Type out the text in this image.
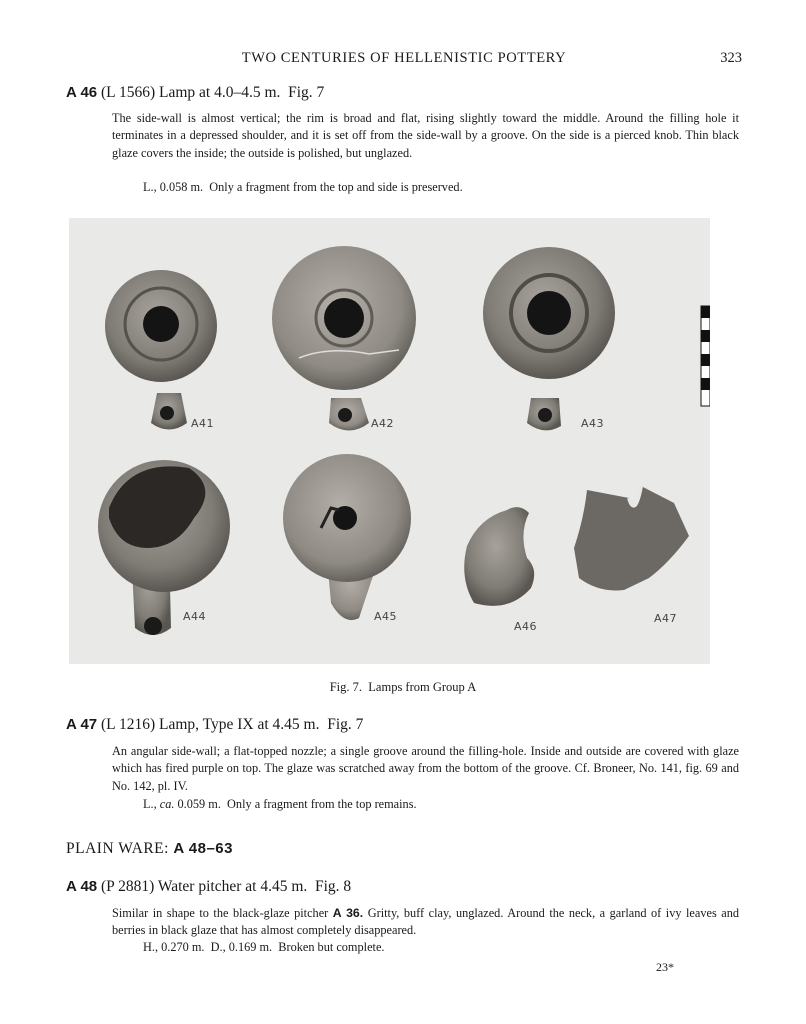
TWO CENTURIES OF HELLENISTIC POTTERY	323
A 46 (L 1566) Lamp at 4.0–4.5 m.  Fig. 7

The side-wall is almost vertical; the rim is broad and flat, rising slightly toward the middle. Around the filling hole it terminates in a depressed shoulder, and it is set off from the side-wall by a groove. On the side is a pierced knob. Thin black glaze covers the inside; the outside is polished, but unglazed.

L., 0.058 m.  Only a fragment from the top and side is preserved.
A41	A42	A43
A44	A45
A46
A47
Fig. 7.  Lamps from Group A
A 47 (L 1216) Lamp, Type IX at 4.45 m.  Fig. 7

An angular side-wall; a flat-topped nozzle; a single groove around the filling-hole. Inside and outside are covered with glaze which has fired purple on top. The glaze was scratched away from the bottom of the groove. Cf. Broneer, No. 141, fig. 69 and No. 142, pl. IV.

L., ca. 0.059 m.  Only a fragment from the top remains.
PLAIN WARE: A 48–63
A 48 (P 2881) Water pitcher at 4.45 m.  Fig. 8

Similar in shape to the black-glaze pitcher A 36. Gritty, buff clay, unglazed. Around the neck, a garland of ivy leaves and berries in black glaze that has almost completely disappeared.

H., 0.270 m.  D., 0.169 m.  Broken but complete.
23*
